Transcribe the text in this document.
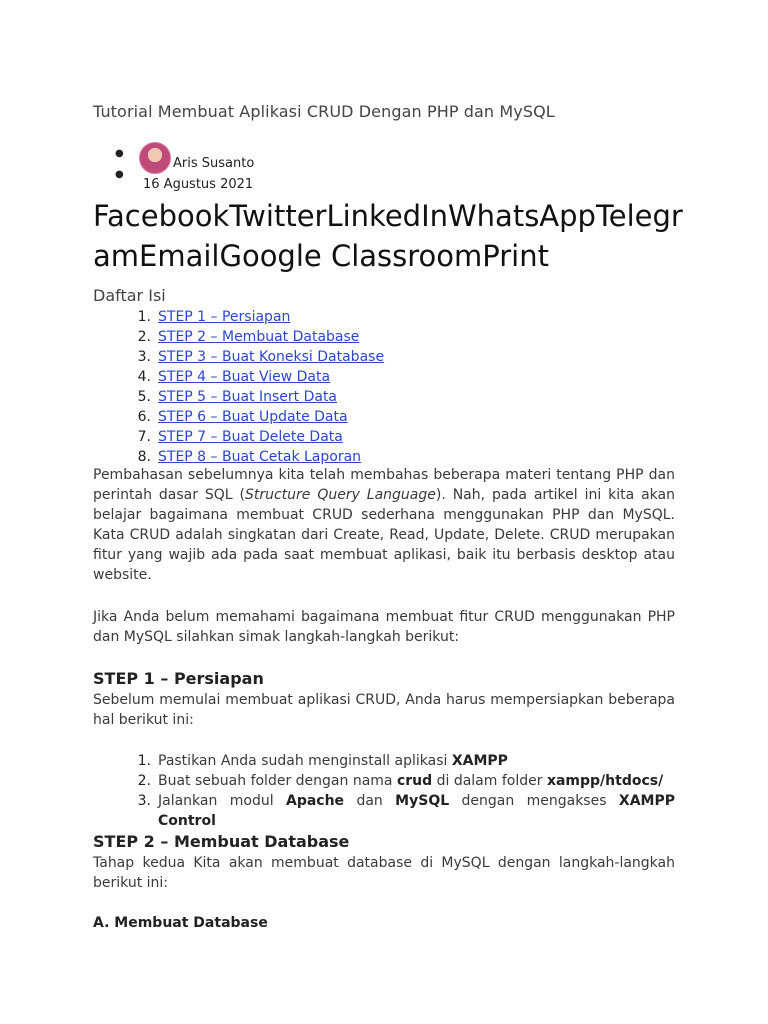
Tutorial Membuat Aplikasi CRUD Dengan PHP dan MySQL
●
Aris Susanto
●
16 Agustus 2021
FacebookTwitterLinkedInWhatsAppTelegramEmailGoogle ClassroomPrint
Daftar Isi
1. STEP 1 – Persiapan
2. STEP 2 – Membuat Database
3. STEP 3 – Buat Koneksi Database
4. STEP 4 – Buat View Data
5. STEP 5 – Buat Insert Data
6. STEP 6 – Buat Update Data
7. STEP 7 – Buat Delete Data
8. STEP 8 – Buat Cetak Laporan

Pembahasan sebelumnya kita telah membahas beberapa materi tentang PHP dan perintah dasar SQL (Structure Query Language). Nah, pada artikel ini kita akan belajar bagaimana membuat CRUD sederhana menggunakan PHP dan MySQL. Kata CRUD adalah singkatan dari Create, Read, Update, Delete. CRUD merupakan fitur yang wajib ada pada saat membuat aplikasi, baik itu berbasis desktop atau website.

Jika Anda belum memahami bagaimana membuat fitur CRUD menggunakan PHP dan MySQL silahkan simak langkah-langkah berikut:

STEP 1 – Persiapan

Sebelum memulai membuat aplikasi CRUD, Anda harus mempersiapkan beberapa hal berikut ini:

1. Pastikan Anda sudah menginstall aplikasi XAMPP
2. Buat sebuah folder dengan nama crud di dalam folder xampp/htdocs/
3. Jalankan modul Apache dan MySQL dengan mengakses XAMPP
Control
STEP 2 – Membuat Database

Tahap kedua Kita akan membuat database di MySQL dengan langkah-langkah berikut ini:

A. Membuat Database
